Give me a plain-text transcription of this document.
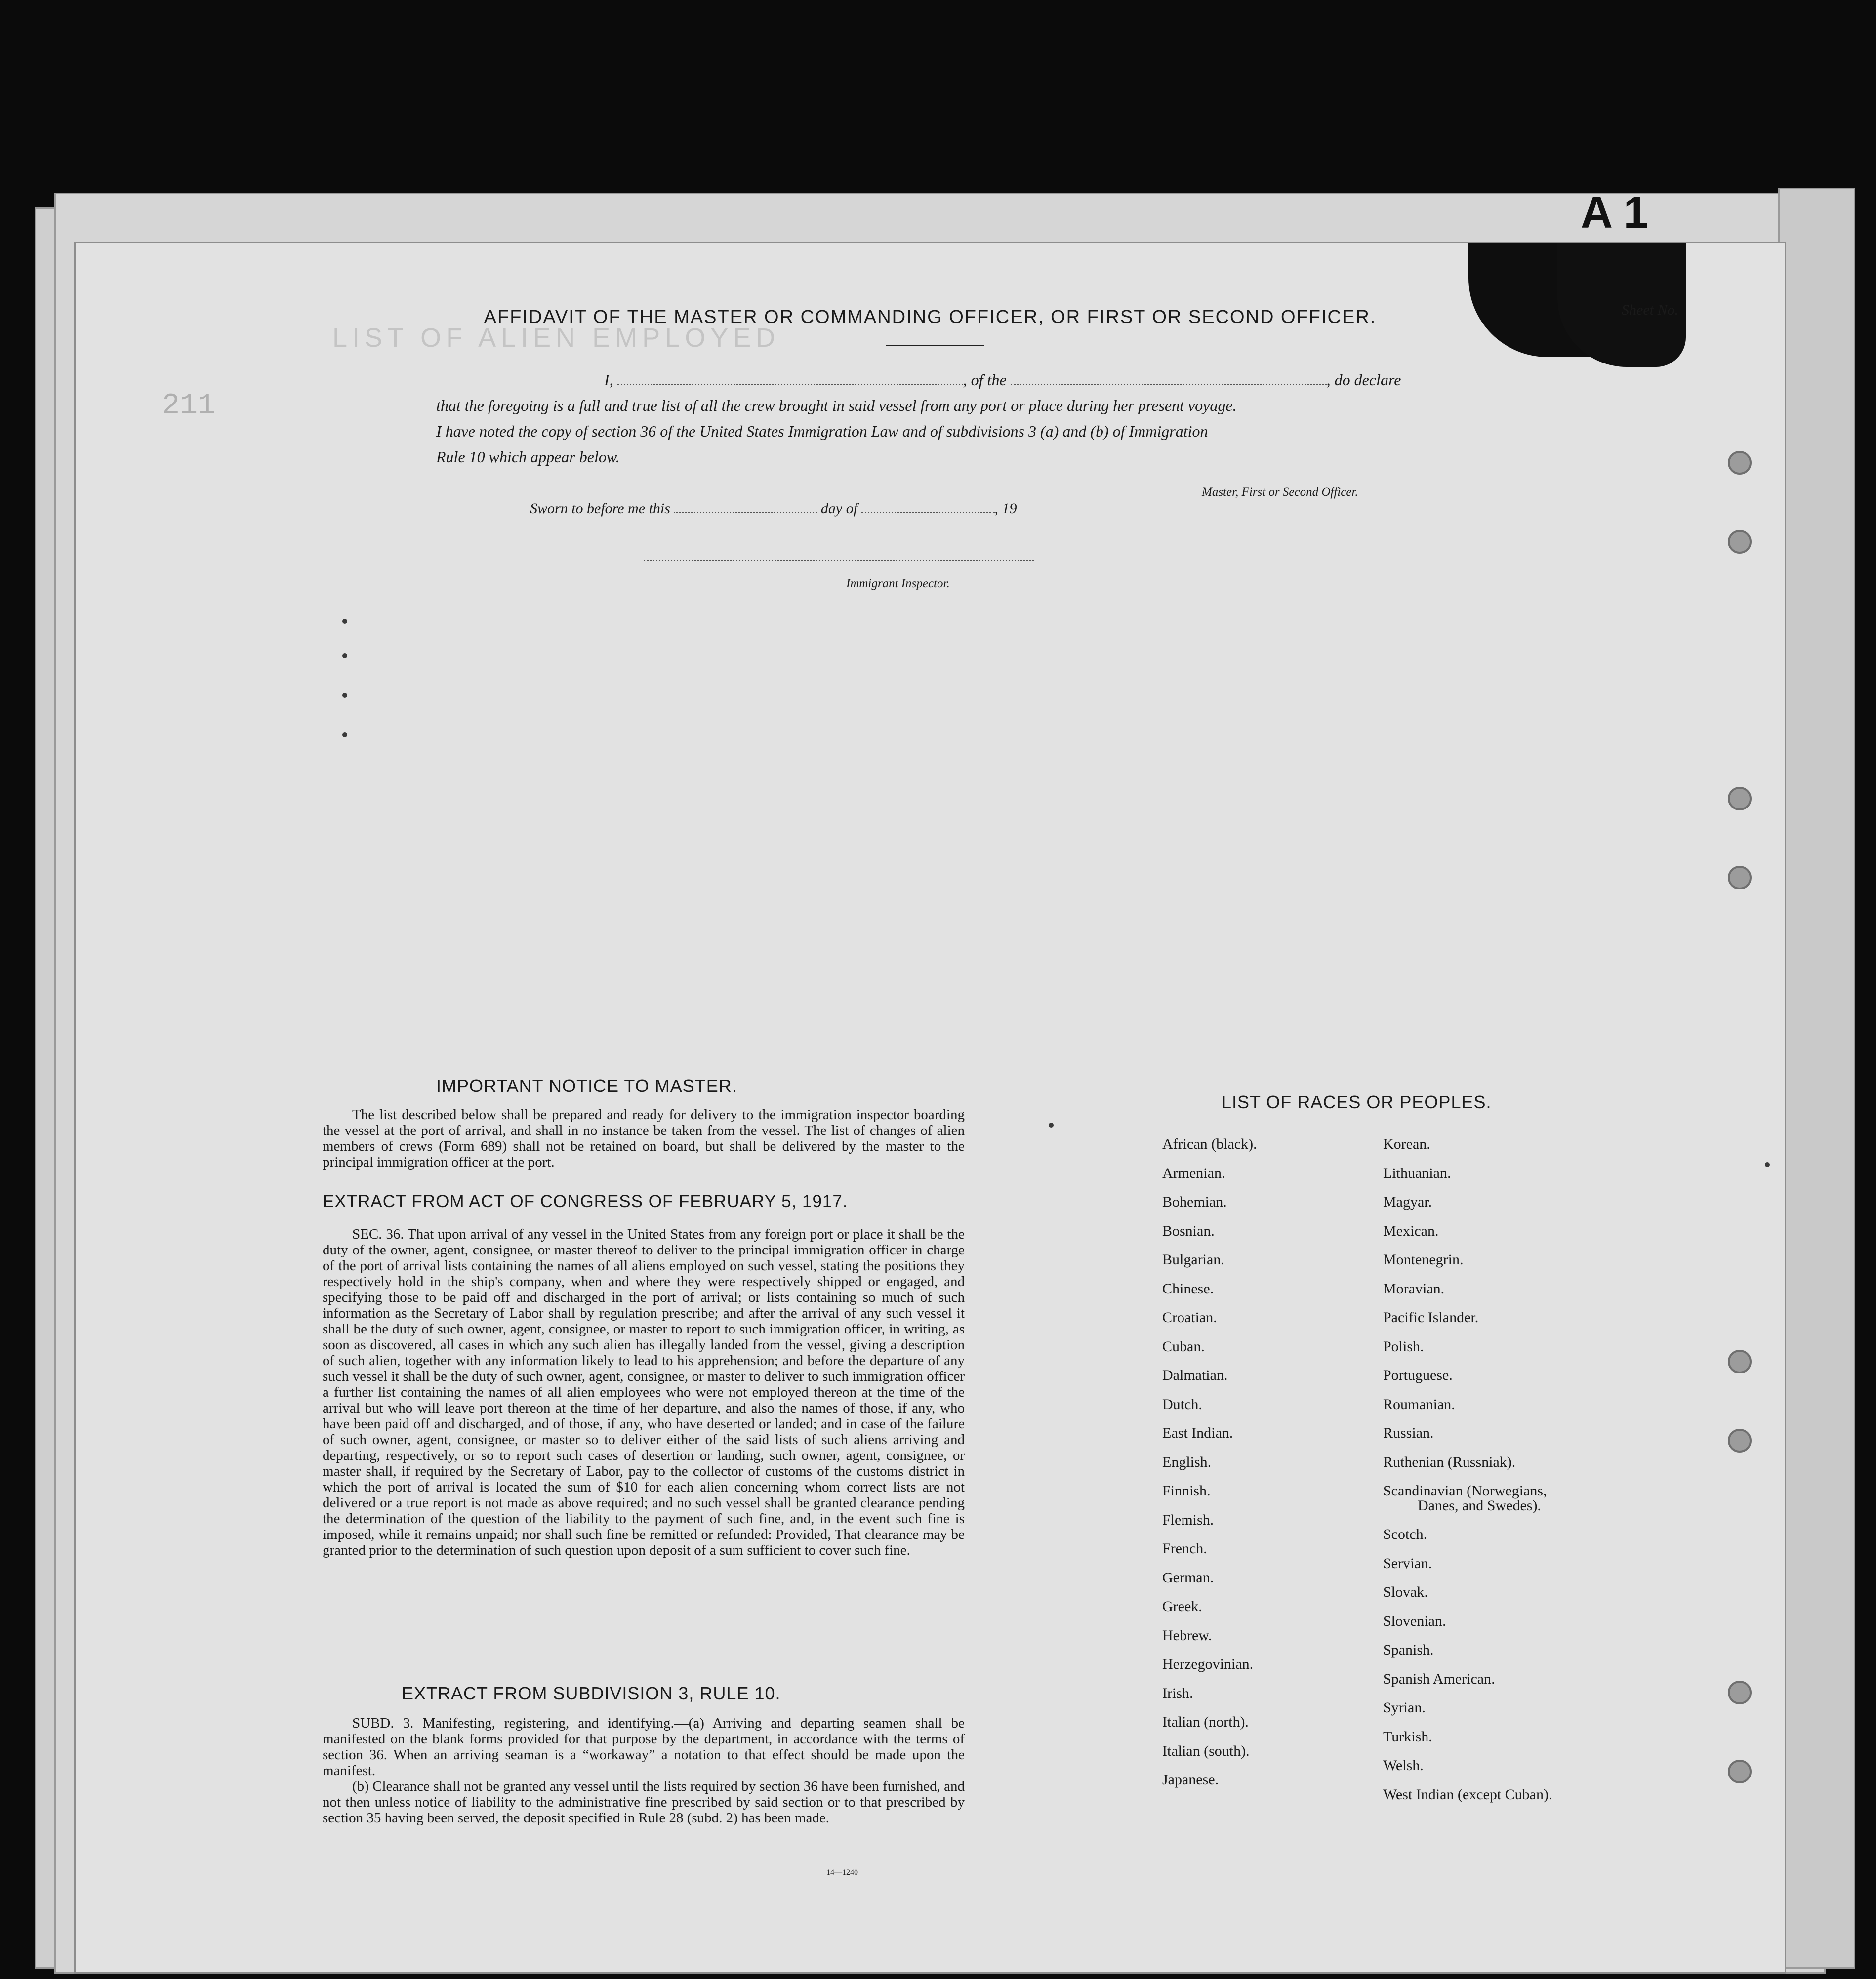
A 1
211
LIST OF ALIEN EMPLOYED
AFFIDAVIT OF THE MASTER OR COMMANDING OFFICER, OR FIRST OR SECOND OFFICER.	Sheet No.
I,	, of the	, do declare
that the foregoing is a full and true list of all the crew brought in said vessel from any port or place during her present voyage.
I have noted the copy of section 36 of the United States Immigration Law and of subdivisions 3 (a) and (b) of Immigration
Rule 10 which appear below.
Master, First or Second Officer.
Sworn to before me this	day of	, 19
Immigrant Inspector.
IMPORTANT NOTICE TO MASTER.

The list described below shall be prepared and ready for delivery to the immigration inspector boarding the vessel at the port of arrival, and shall in no instance be taken from the vessel. The list of changes of alien members of crews (Form 689) shall not be retained on board, but shall be delivered by the master to the principal immigration officer at the port.

EXTRACT FROM ACT OF CONGRESS OF FEBRUARY 5, 1917.

SEC. 36. That upon arrival of any vessel in the United States from any foreign port or place it shall be the duty of the owner, agent, consignee, or master thereof to deliver to the principal immigration officer in charge of the port of arrival lists containing the names of all aliens employed on such vessel, stating the positions they respectively hold in the ship's company, when and where they were respectively shipped or engaged, and specifying those to be paid off and discharged in the port of arrival; or lists containing so much of such information as the Secretary of Labor shall by regulation prescribe; and after the arrival of any such vessel it shall be the duty of such owner, agent, consignee, or master to report to such immigration officer, in writing, as soon as discovered, all cases in which any such alien has illegally landed from the vessel, giving a description of such alien, together with any information likely to lead to his apprehension; and before the departure of any such vessel it shall be the duty of such owner, agent, consignee, or master to deliver to such immigration officer a further list containing the names of all alien employees who were not employed thereon at the time of the arrival but who will leave port thereon at the time of her departure, and also the names of those, if any, who have been paid off and discharged, and of those, if any, who have deserted or landed; and in case of the failure of such owner, agent, consignee, or master so to deliver either of the said lists of such aliens arriving and departing, respectively, or so to report such cases of desertion or landing, such owner, agent, consignee, or master shall, if required by the Secretary of Labor, pay to the collector of customs of the customs district in which the port of arrival is located the sum of $10 for each alien concerning whom correct lists are not delivered or a true report is not made as above required; and no such vessel shall be granted clearance pending the determination of the question of the liability to the payment of such fine, and, in the event such fine is imposed, while it remains unpaid; nor shall such fine be remitted or refunded: Provided, That clearance may be granted prior to the determination of such question upon deposit of a sum sufficient to cover such fine.

EXTRACT FROM SUBDIVISION 3, RULE 10.

SUBD. 3. Manifesting, registering, and identifying.—(a) Arriving and departing seamen shall be manifested on the blank forms provided for that purpose by the department, in accordance with the terms of section 36. When an arriving seaman is a “workaway” a notation to that effect should be made upon the manifest.

(b) Clearance shall not be granted any vessel until the lists required by section 36 have been furnished, and not then unless notice of liability to the administrative fine prescribed by said section or to that prescribed by section 35 having been served, the deposit specified in Rule 28 (subd. 2) has been made.

14—1240
LIST OF RACES OR PEOPLES.
African (black).
Armenian.
Bohemian.
Bosnian.
Bulgarian.
Chinese.
Croatian.
Cuban.
Dalmatian.
Dutch.
East Indian.
English.
Finnish.
Flemish.
French.
German.
Greek.
Hebrew.
Herzegovinian.
Irish.
Italian (north).
Italian (south).
Japanese.
Korean.
Lithuanian.
Magyar.
Mexican.
Montenegrin.
Moravian.
Pacific Islander.
Polish.
Portuguese.
Roumanian.
Russian.
Ruthenian (Russniak).
Scandinavian (Norwegians,
Danes, and Swedes).
Scotch.
Servian.
Slovak.
Slovenian.
Spanish.
Spanish American.
Syrian.
Turkish.
Welsh.
West Indian (except Cuban).
